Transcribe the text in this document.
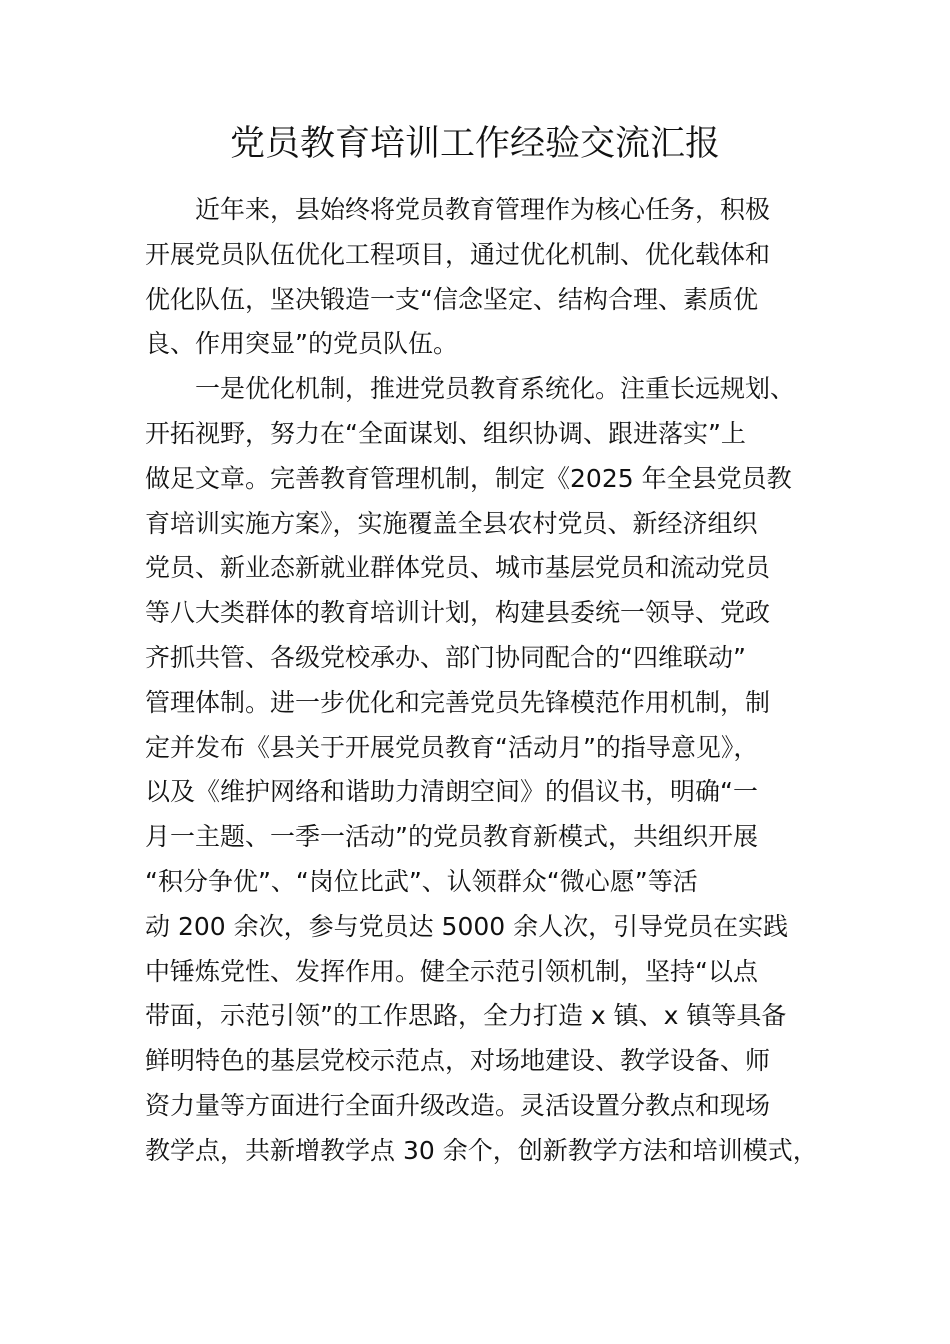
党员教育培训工作经验交流汇报
近年来，县始终将党员教育管理作为核心任务，积极
开展党员队伍优化工程项目，通过优化机制、优化载体和
优化队伍，坚决锻造一支“信念坚定、结构合理、素质优
良、作用突显”的党员队伍。
一是优化机制，推进党员教育系统化。注重长远规划、
开拓视野，努力在“全面谋划、组织协调、跟进落实”上
做足文章。完善教育管理机制，制定《2025 年全县党员教
育培训实施方案》，实施覆盖全县农村党员、新经济组织
党员、新业态新就业群体党员、城市基层党员和流动党员
等八大类群体的教育培训计划，构建县委统一领导、党政
齐抓共管、各级党校承办、部门协同配合的“四维联动”
管理体制。进一步优化和完善党员先锋模范作用机制，制
定并发布《县关于开展党员教育“活动月”的指导意见》，
以及《维护网络和谐助力清朗空间》的倡议书，明确“一
月一主题、一季一活动”的党员教育新模式，共组织开展
“积分争优”、“岗位比武”、认领群众“微心愿”等活
动 200 余次，参与党员达 5000 余人次，引导党员在实践
中锤炼党性、发挥作用。健全示范引领机制，坚持“以点
带面，示范引领”的工作思路，全力打造 x 镇、x 镇等具备
鲜明特色的基层党校示范点，对场地建设、教学设备、师
资力量等方面进行全面升级改造。灵活设置分教点和现场
教学点，共新增教学点 30 余个，创新教学方法和培训模式，
